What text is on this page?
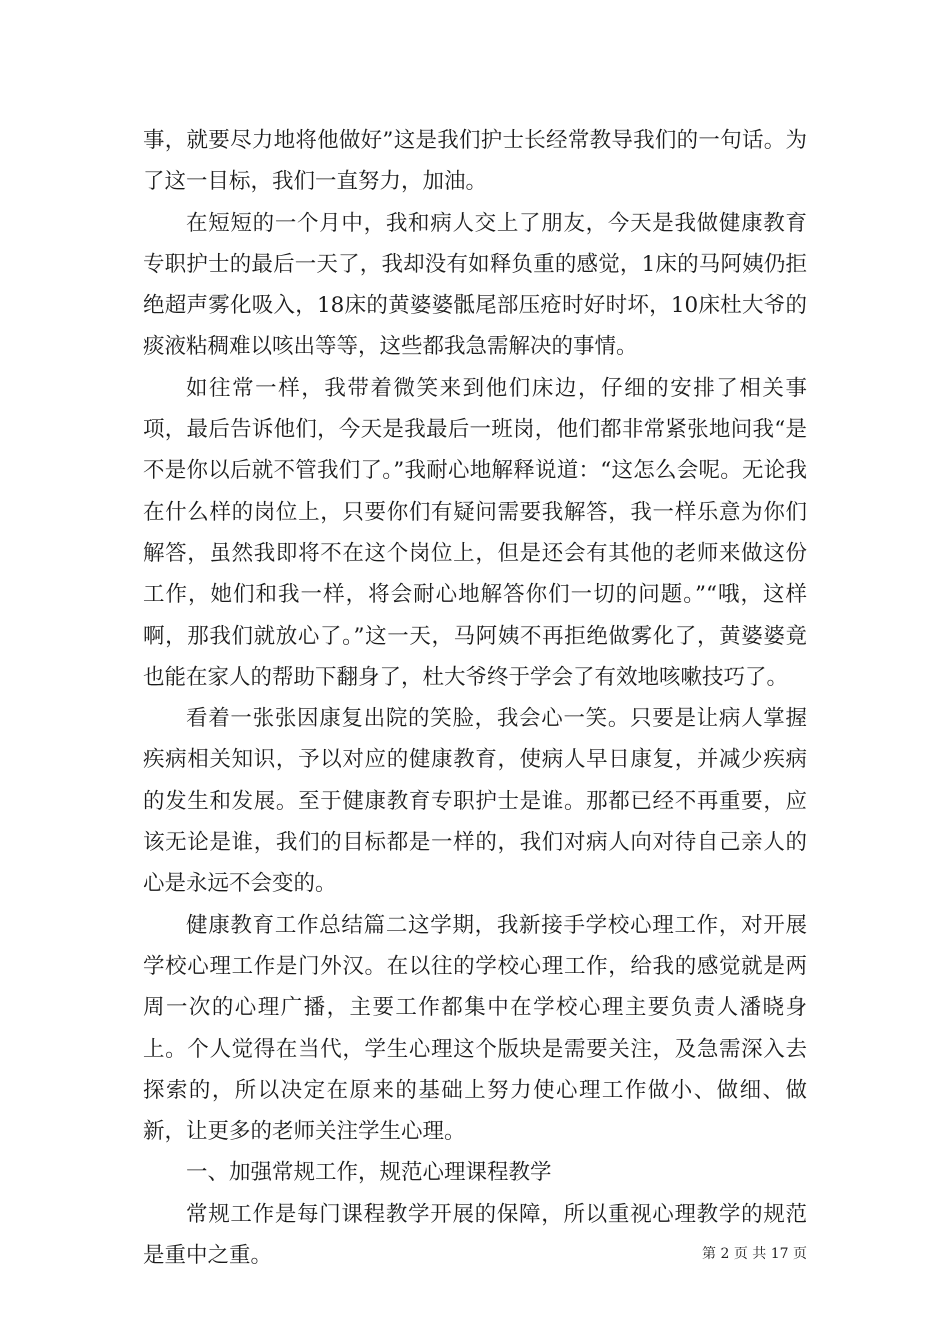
事，就要尽力地将他做好”这是我们护士长经常教导我们的一句话。为了这一目标，我们一直努力，加油。

在短短的一个月中，我和病人交上了朋友，今天是我做健康教育专职护士的最后一天了，我却没有如释负重的感觉，1床的马阿姨仍拒绝超声雾化吸入，18床的黄婆婆骶尾部压疮时好时坏，10床杜大爷的痰液粘稠难以咳出等等，这些都我急需解决的事情。

如往常一样，我带着微笑来到他们床边，仔细的安排了相关事项，最后告诉他们，今天是我最后一班岗，他们都非常紧张地问我“是不是你以后就不管我们了。”我耐心地解释说道：“这怎么会呢。无论我在什么样的岗位上，只要你们有疑问需要我解答，我一样乐意为你们解答，虽然我即将不在这个岗位上，但是还会有其他的老师来做这份工作，她们和我一样，将会耐心地解答你们一切的问题。”“哦，这样啊，那我们就放心了。”这一天，马阿姨不再拒绝做雾化了，黄婆婆竟也能在家人的帮助下翻身了，杜大爷终于学会了有效地咳嗽技巧了。

看着一张张因康复出院的笑脸，我会心一笑。只要是让病人掌握疾病相关知识，予以对应的健康教育，使病人早日康复，并减少疾病的发生和发展。至于健康教育专职护士是谁。那都已经不再重要，应该无论是谁，我们的目标都是一样的，我们对病人向对待自己亲人的心是永远不会变的。

健康教育工作总结篇二这学期，我新接手学校心理工作，对开展学校心理工作是门外汉。在以往的学校心理工作，给我的感觉就是两周一次的心理广播，主要工作都集中在学校心理主要负责人潘晓身上。个人觉得在当代，学生心理这个版块是需要关注，及急需深入去探索的，所以决定在原来的基础上努力使心理工作做小、做细、做新，让更多的老师关注学生心理。

一、加强常规工作，规范心理课程教学

常规工作是每门课程教学开展的保障，所以重视心理教学的规范是重中之重。	第 2 页 共 17 页
